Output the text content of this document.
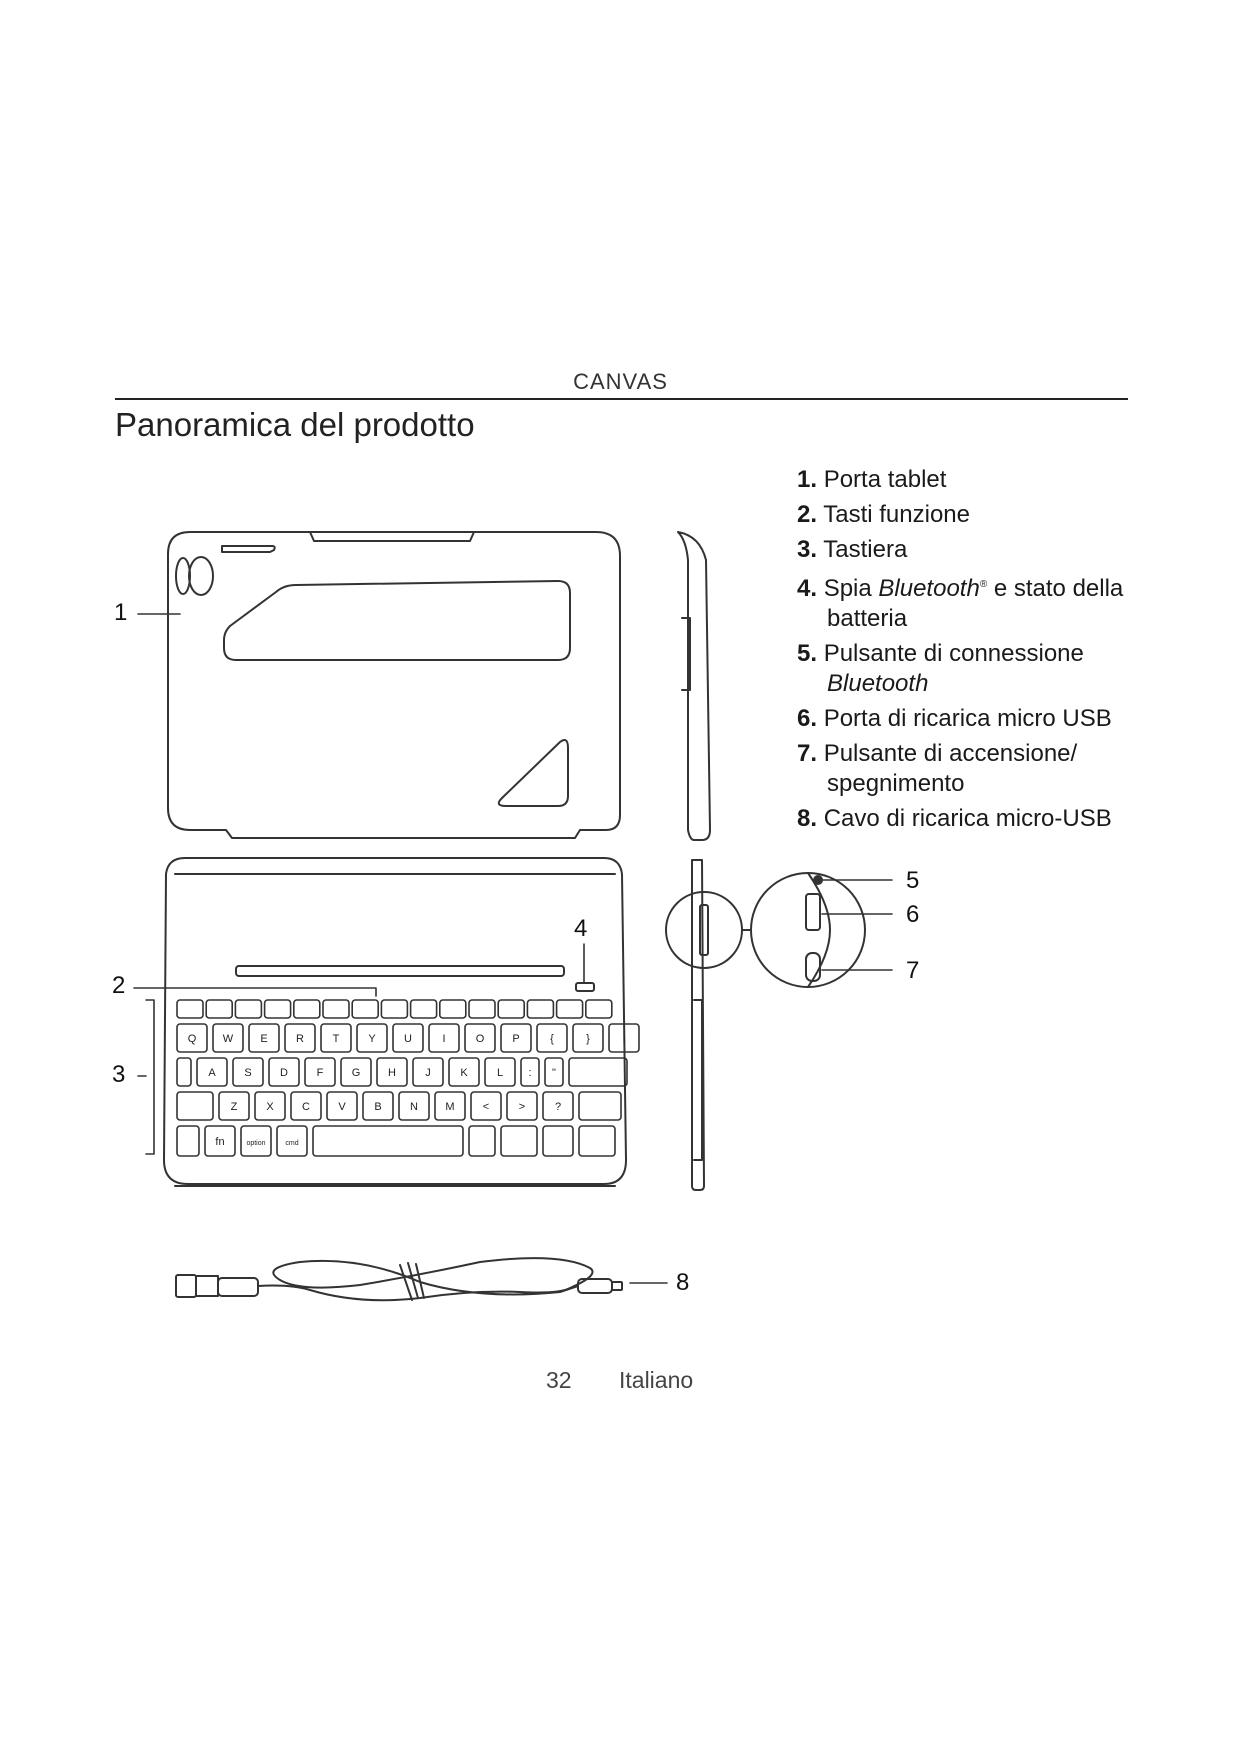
CANVAS
Panoramica del prodotto
1. Porta tablet
2. Tasti funzione
3. Tastiera
4. Spia Bluetooth® e stato della batteria
5. Pulsante di connessione Bluetooth
6. Porta di ricarica micro USB
7. Pulsante di accensione/ spegnimento
8. Cavo di ricarica micro-USB
Q W E	R	T	Y	U	I	O	P	{	}	|
A	S	D	F	G	H	J	K	L : "
Z	X	C	V	B	N M	<	>	?
fn	option	cmd
1
2
3
4
5
6
7
8
32 Italiano
